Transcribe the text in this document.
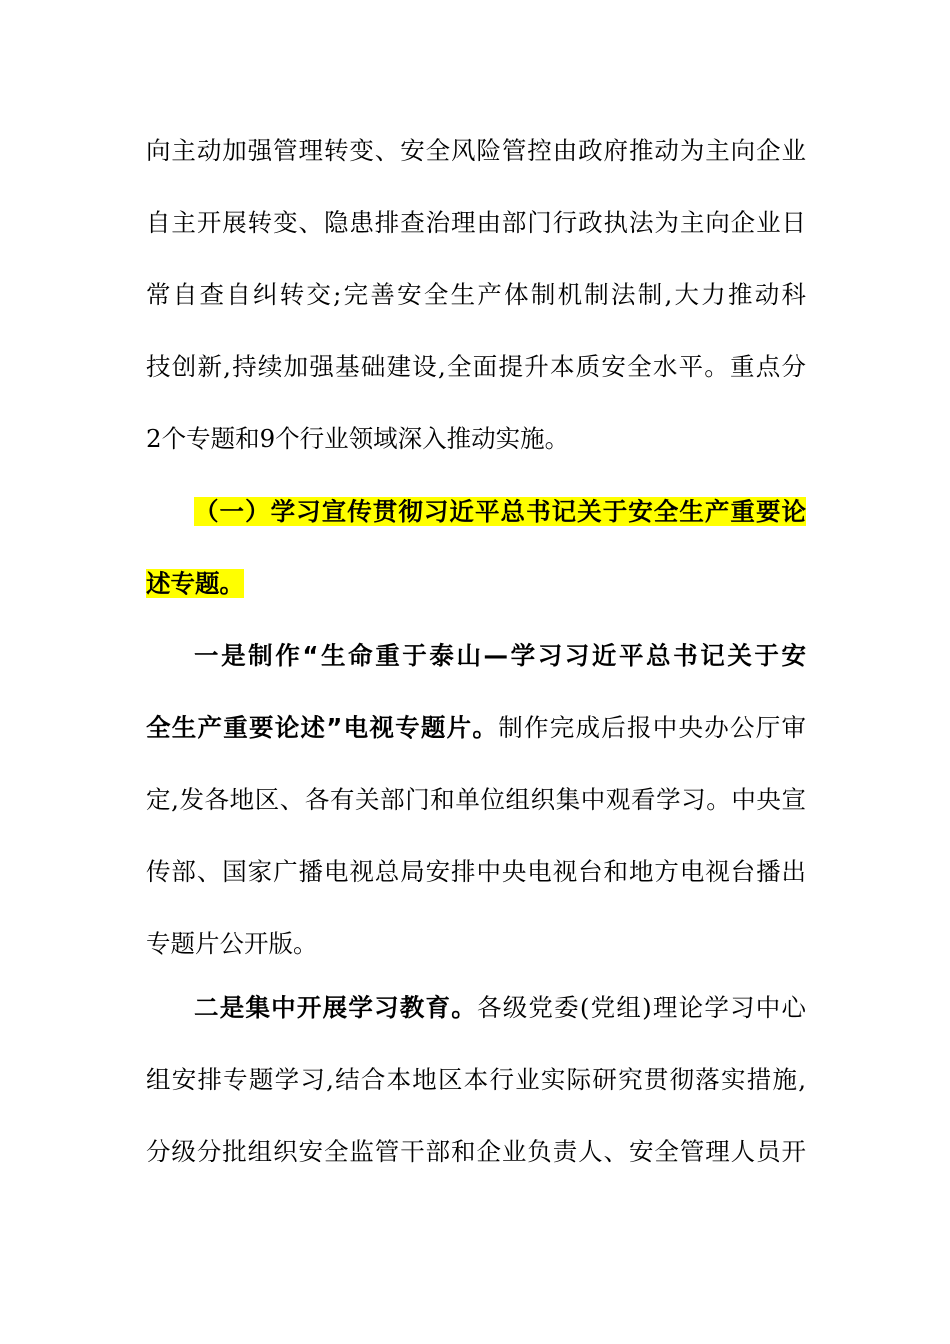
向主动加强管理转变、安全风险管控由政府推动为主向企业
自主开展转变、隐患排查治理由部门行政执法为主向企业日
常自查自纠转交;完善安全生产体制机制法制,大力推动科
技创新,持续加强基础建设,全面提升本质安全水平。重点分
2个专题和9个行业领域深入推动实施。
（一）学习宣传贯彻习近平总书记关于安全生产重要论
述专题。
一是制作“生命重于泰山—学习习近平总书记关于安
全生产重要论述”电视专题片。制作完成后报中央办公厅审
定,发各地区、各有关部门和单位组织集中观看学习。中央宣
传部、国家广播电视总局安排中央电视台和地方电视台播出
专题片公开版。
二是集中开展学习教育。各级党委(党组)理论学习中心
组安排专题学习,结合本地区本行业实际研究贯彻落实措施,
分级分批组织安全监管干部和企业负责人、安全管理人员开
